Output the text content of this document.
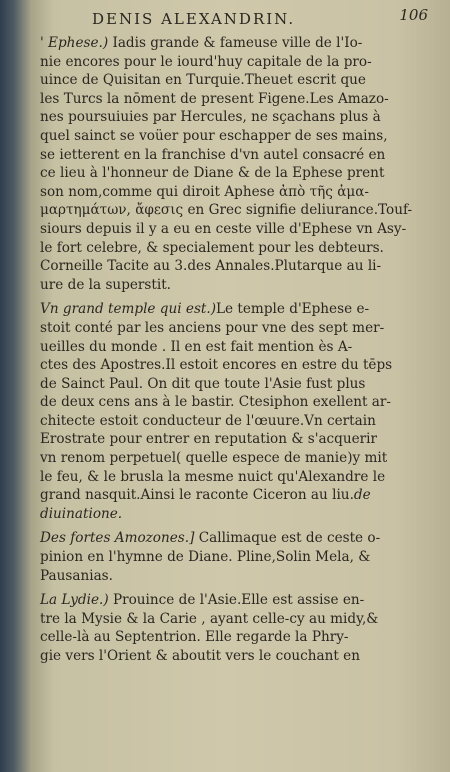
DENIS ALEXANDRIN.	106

' Ephese.) Iadis grande & fameuse ville de l'Io-
nie encores pour le iourd'huy capitale de la pro-
uince de Quisitan en Turquie.Theuet escrit que
les Turcs la nōment de present Figene.Les Amazo-
nes poursuiuies par Hercules, ne sçachans plus à
quel sainct se voüer pour eschapper de ses mains,
se ietterent en la franchise d'vn autel consacré en
ce lieu à l'honneur de Diane & de la Ephese prent
son nom,comme qui diroit Aphese ἀπὸ τῆς ἀμα-
μαρτημάτων, ἄφεσις en Grec signifie deliurance.Touf-
siours depuis il y a eu en ceste ville d'Ephese vn Asy-
le fort celebre, & specialement pour les debteurs.
Corneille Tacite au 3.des Annales.Plutarque au li-
ure de la superstit.

Vn grand temple qui est.)Le temple d'Ephese e-
stoit conté par les anciens pour vne des sept mer-
ueilles du monde . Il en est fait mention ès A-
ctes des Apostres.Il estoit encores en estre du tēps
de Sainct Paul. On dit que toute l'Asie fust plus
de deux cens ans à le bastir. Ctesiphon exellent ar-
chitecte estoit conducteur de l'œuure.Vn certain
Erostrate pour entrer en reputation & s'acquerir
vn renom perpetuel( quelle espece de manie)y mit
le feu, & le brusla la mesme nuict qu'Alexandre le
grand nasquit.Ainsi le raconte Ciceron au liu.de
diuinatione.

Des fortes Amozones.] Callimaque est de ceste o-
pinion en l'hymne de Diane. Pline,Solin Mela, &
Pausanias.

La Lydie.) Prouince de l'Asie.Elle est assise en-
tre la Mysie & la Carie , ayant celle-cy au midy,&
celle-là au Septentrion. Elle regarde la Phry-
gie vers l'Orient & aboutit vers le couchant en
